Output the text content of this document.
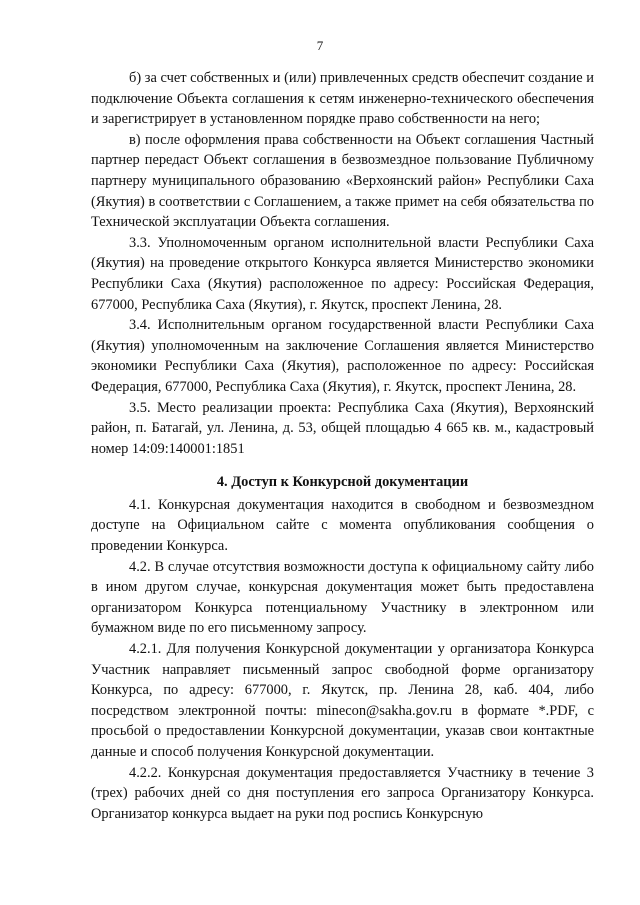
7

б) за счет собственных и (или) привлеченных средств обеспечит создание и подключение Объекта соглашения к сетям инженерно-технического обеспечения и зарегистрирует в установленном порядке право собственности на него;

в) после оформления права собственности на Объект соглашения Частный партнер передаст Объект соглашения в безвозмездное пользование Публичному партнеру муниципального образованию «Верхоянский район» Республики Саха (Якутия) в соответствии с Соглашением, а также примет на себя обязательства по Технической эксплуатации Объекта соглашения.

3.3. Уполномоченным органом исполнительной власти Республики Саха (Якутия) на проведение открытого Конкурса является Министерство экономики Республики Саха (Якутия) расположенное по адресу: Российская Федерация, 677000, Республика Саха (Якутия), г. Якутск, проспект Ленина, 28.

3.4. Исполнительным органом государственной власти Республики Саха (Якутия) уполномоченным на заключение Соглашения является Министерство экономики Республики Саха (Якутия), расположенное по адресу: Российская Федерация, 677000, Республика Саха (Якутия), г. Якутск, проспект Ленина, 28.

3.5. Место реализации проекта: Республика Саха (Якутия), Верхоянский район, п. Батагай, ул. Ленина, д. 53, общей площадью 4 665 кв. м., кадастровый номер 14:09:140001:1851

4. Доступ к Конкурсной документации

4.1. Конкурсная документация находится в свободном и безвозмездном доступе на Официальном сайте с момента опубликования сообщения о проведении Конкурса.

4.2. В случае отсутствия возможности доступа к официальному сайту либо в ином другом случае, конкурсная документация может быть предоставлена организатором Конкурса потенциальному Участнику в электронном или бумажном виде по его письменному запросу.

4.2.1. Для получения Конкурсной документации у организатора Конкурса Участник направляет письменный запрос свободной форме организатору Конкурса, по адресу: 677000, г. Якутск, пр. Ленина 28, каб. 404, либо посредством электронной почты: minecon@sakha.gov.ru в формате *.PDF, с просьбой о предоставлении Конкурсной документации, указав свои контактные данные и способ получения Конкурсной документации.

4.2.2. Конкурсная документация предоставляется Участнику в течение 3 (трех) рабочих дней со дня поступления его запроса Организатору Конкурса. Организатор конкурса выдает на руки под роспись Конкурсную
